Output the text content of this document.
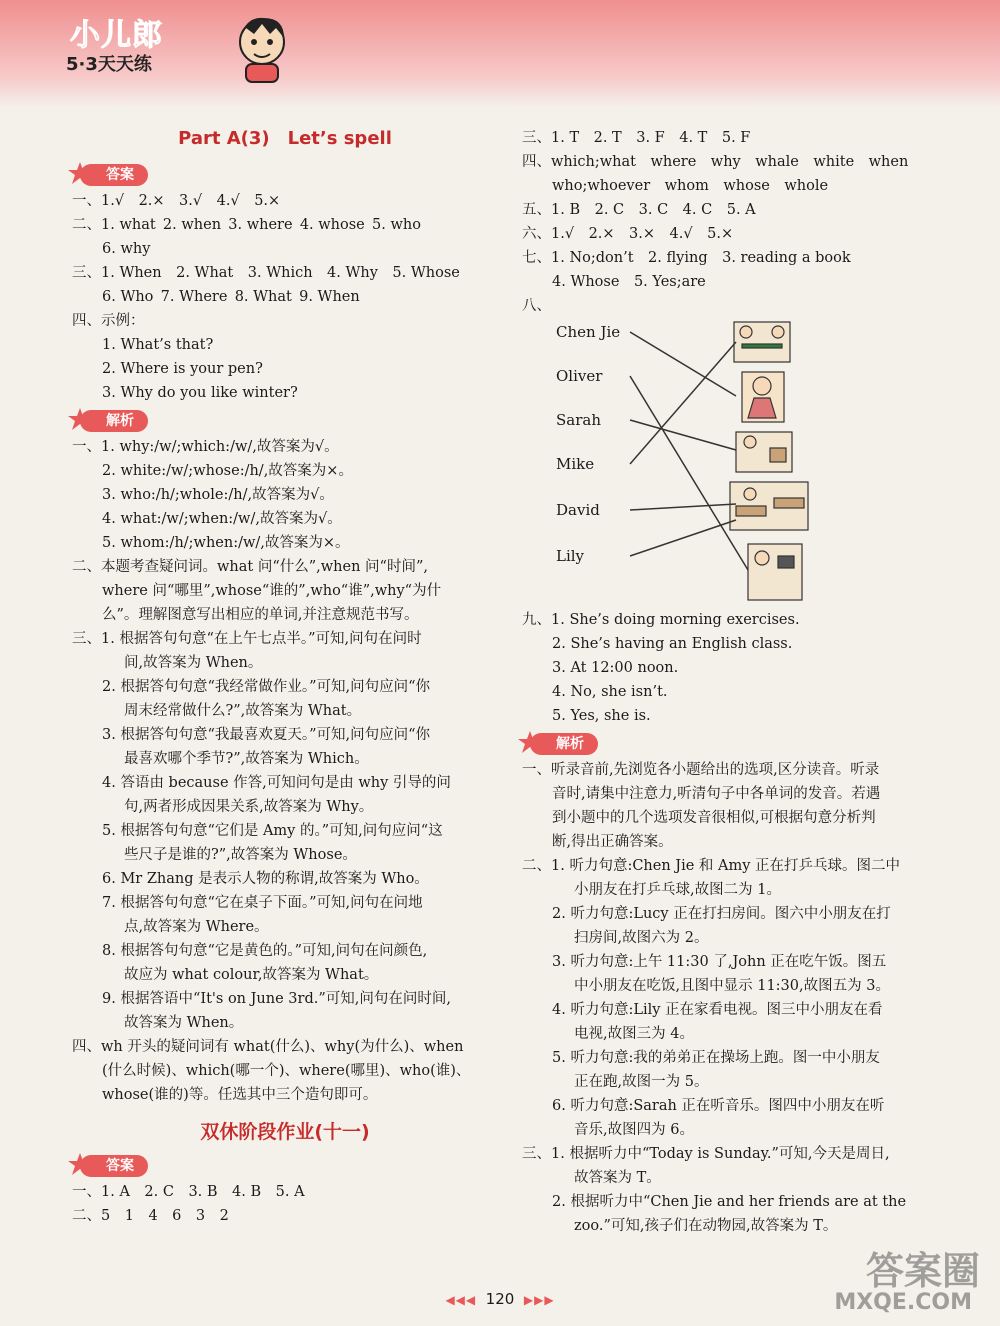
小儿郎
5·3天天练
Part A(3) Let’s spell
答案
一、1.√ 2.× 3.√ 4.√ 5.×
二、1. what 2. when 3. where 4. whose 5. who
6. why
三、1. When 2. What 3. Which 4. Why 5. Whose
6. Who 7. Where 8. What 9. When
四、示例：
1. What’s that?
2. Where is your pen?
3. Why do you like winter?
解析
一、1. why:/w/;which:/w/,故答案为√。
2. white:/w/;whose:/h/,故答案为×。
3. who:/h/;whole:/h/,故答案为√。
4. what:/w/;when:/w/,故答案为√。
5. whom:/h/;when:/w/,故答案为×。
二、本题考查疑问词。what 问“什么”,when 问“时间”,
where 问“哪里”,whose“谁的”,who“谁”,why“为什
么”。理解图意写出相应的单词,并注意规范书写。
三、1. 根据答句句意“在上午七点半。”可知,问句在问时
间,故答案为 When。
2. 根据答句句意“我经常做作业。”可知,问句应问“你
周末经常做什么?”,故答案为 What。
3. 根据答句句意“我最喜欢夏天。”可知,问句应问“你
最喜欢哪个季节?”,故答案为 Which。
4. 答语由 because 作答,可知问句是由 why 引导的问
句,两者形成因果关系,故答案为 Why。
5. 根据答句句意“它们是 Amy 的。”可知,问句应问“这
些尺子是谁的?”,故答案为 Whose。
6. Mr Zhang 是表示人物的称谓,故答案为 Who。
7. 根据答句句意“它在桌子下面。”可知,问句在问地
点,故答案为 Where。
8. 根据答句句意“它是黄色的。”可知,问句在问颜色,
故应为 what colour,故答案为 What。
9. 根据答语中“It's on June 3rd.”可知,问句在问时间,
故答案为 When。
四、wh 开头的疑问词有 what(什么)、why(为什么)、when
(什么时候)、which(哪一个)、where(哪里)、who(谁)、
whose(谁的)等。任选其中三个造句即可。
双休阶段作业(十一)
答案
一、1. A 2. C 3. B 4. B 5. A
二、5 1 4 6 3 2
三、1. T 2. T 3. F 4. T 5. F
四、which;what where why whale white when
who;whoever whom whose whole
五、1. B 2. C 3. C 4. C 5. A
六、1.√ 2.× 3.× 4.√ 5.×
七、1. No;don’t 2. flying 3. reading a book
4. Whose 5. Yes;are
八、
Chen Jie
Oliver
Sarah
Mike
David
Lily
九、1. She’s doing morning exercises.
2. She’s having an English class.
3. At 12:00 noon.
4. No, she isn’t.
5. Yes, she is.
解析
一、听录音前,先浏览各小题给出的选项,区分读音。听录
音时,请集中注意力,听清句子中各单词的发音。若遇
到小题中的几个选项发音很相似,可根据句意分析判
断,得出正确答案。
二、1. 听力句意:Chen Jie 和 Amy 正在打乒乓球。图二中
小朋友在打乒乓球,故图二为 1。
2. 听力句意:Lucy 正在打扫房间。图六中小朋友在打
扫房间,故图六为 2。
3. 听力句意:上午 11:30 了,John 正在吃午饭。图五
中小朋友在吃饭,且图中显示 11:30,故图五为 3。
4. 听力句意:Lily 正在家看电视。图三中小朋友在看
电视,故图三为 4。
5. 听力句意:我的弟弟正在操场上跑。图一中小朋友
正在跑,故图一为 5。
6. 听力句意:Sarah 正在听音乐。图四中小朋友在听
音乐,故图四为 6。
三、1. 根据听力中“Today is Sunday.”可知,今天是周日,
故答案为 T。
2. 根据听力中“Chen Jie and her friends are at the
zoo.”可知,孩子们在动物园,故答案为 T。
◀◀◀ 120 ▶▶▶
答案圈
MXQE.COM
